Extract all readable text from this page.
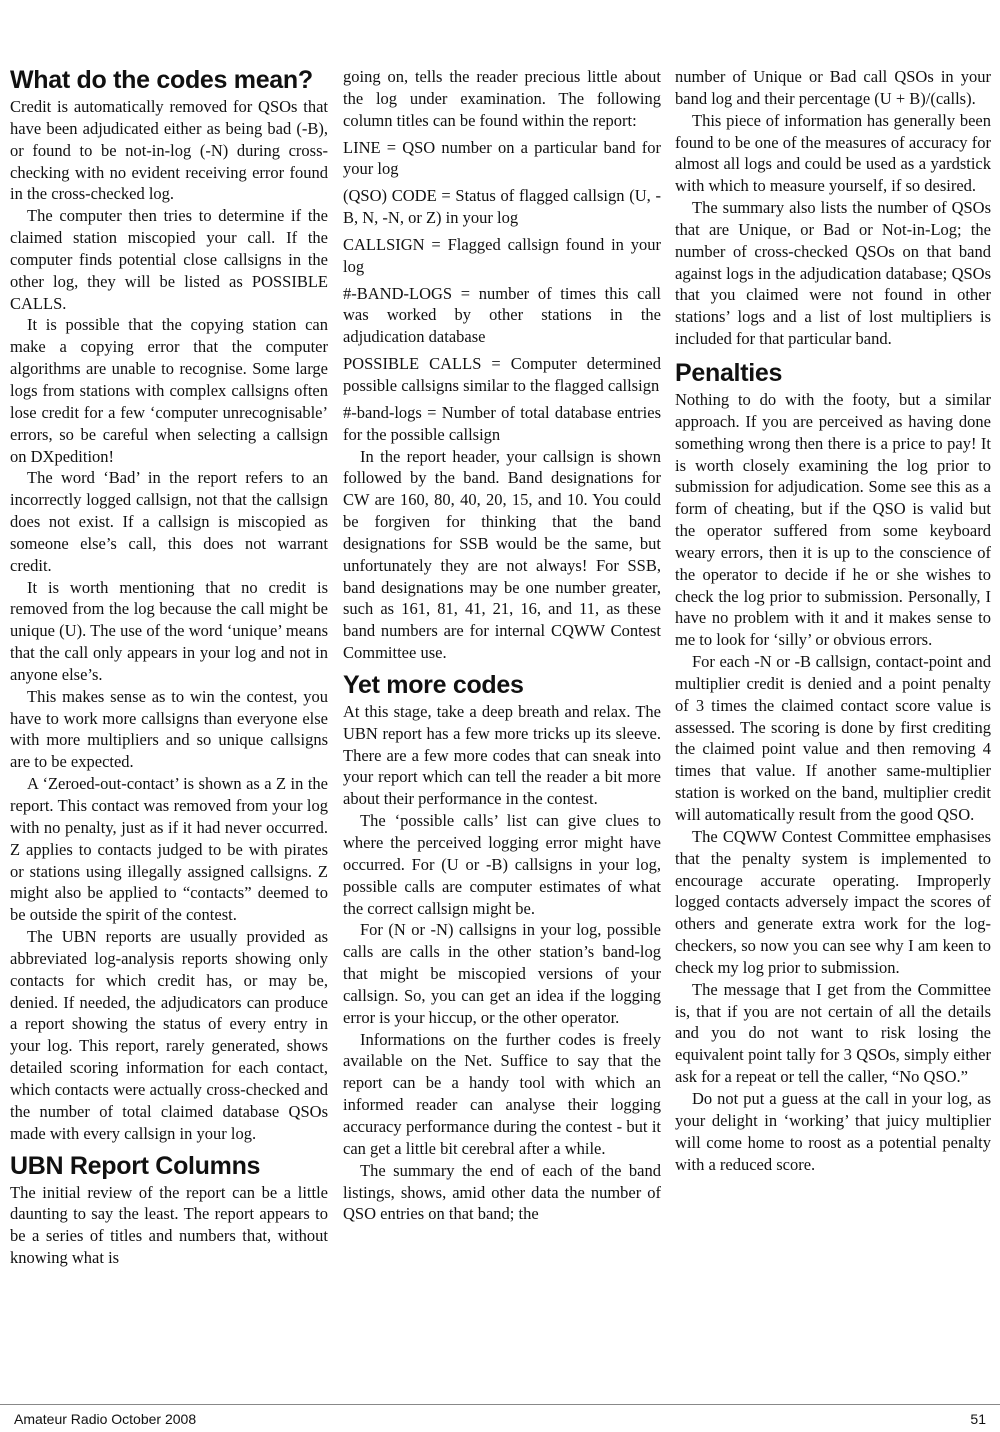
What do the codes mean?

Credit is automatically removed for QSOs that have been adjudicated either as being bad (-B), or found to be not-in-log (-N) during cross-checking with no evident receiving error found in the cross-checked log.

The computer then tries to determine if the claimed station miscopied your call. If the computer finds potential close callsigns in the other log, they will be listed as POSSIBLE CALLS.

It is possible that the copying station can make a copying error that the computer algorithms are unable to recognise. Some large logs from stations with complex callsigns often lose credit for a few ‘computer unrecognisable’ errors, so be careful when selecting a callsign on DXpedition!

The word ‘Bad’ in the report refers to an incorrectly logged callsign, not that the callsign does not exist. If a callsign is miscopied as someone else’s call, this does not warrant credit.

It is worth mentioning that no credit is removed from the log because the call might be unique (U). The use of the word ‘unique’ means that the call only appears in your log and not in anyone else’s.

This makes sense as to win the contest, you have to work more callsigns than everyone else with more multipliers and so unique callsigns are to be expected.

A ‘Zeroed-out-contact’ is shown as a Z in the report. This contact was removed from your log with no penalty, just as if it had never occurred. Z applies to contacts judged to be with pirates or stations using illegally assigned callsigns. Z might also be applied to “contacts” deemed to be outside the spirit of the contest.

The UBN reports are usually provided as abbreviated log-analysis reports showing only contacts for which credit has, or may be, denied. If needed, the adjudicators can produce a report showing the status of every entry in your log. This report, rarely generated, shows detailed scoring information for each contact, which contacts were actually cross-checked and the number of total claimed database QSOs made with every callsign in your log.

UBN Report Columns

The initial review of the report can be a little daunting to say the least. The report appears to be a series of titles and numbers that, without knowing what is

going on, tells the reader precious little about the log under examination. The following column titles can be found within the report:

LINE = QSO number on a particular band for your log

(QSO) CODE = Status of flagged callsign (U, -B, N, -N, or Z) in your log

CALLSIGN = Flagged callsign found in your log

#-BAND-LOGS = number of times this call was worked by other stations in the adjudication database

POSSIBLE CALLS = Computer determined possible callsigns similar to the flagged callsign

#-band-logs = Number of total database entries for the possible callsign

In the report header, your callsign is shown followed by the band. Band designations for CW are 160, 80, 40, 20, 15, and 10. You could be forgiven for thinking that the band designations for SSB would be the same, but unfortunately they are not always! For SSB, band designations may be one number greater, such as 161, 81, 41, 21, 16, and 11, as these band numbers are for internal CQWW Contest Committee use.

Yet more codes

At this stage, take a deep breath and relax. The UBN report has a few more tricks up its sleeve. There are a few more codes that can sneak into your report which can tell the reader a bit more about their performance in the contest.

The ‘possible calls’ list can give clues to where the perceived logging error might have occurred. For (U or -B) callsigns in your log, possible calls are computer estimates of what the correct callsign might be.

For (N or -N) callsigns in your log, possible calls are calls in the other station’s band-log that might be miscopied versions of your callsign. So, you can get an idea if the logging error is your hiccup, or the other operator.

Informations on the further codes is freely available on the Net. Suffice to say that the report can be a handy tool with which an informed reader can analyse their logging accuracy performance during the contest - but it can get a little bit cerebral after a while.

The summary the end of each of the band listings, shows, amid other data the number of QSO entries on that band; the

number of Unique or Bad call QSOs in your band log and their percentage (U + B)/(calls).

This piece of information has generally been found to be one of the measures of accuracy for almost all logs and could be used as a yardstick with which to measure yourself, if so desired.

The summary also lists the number of QSOs that are Unique, or Bad or Not-in-Log; the number of cross-checked QSOs on that band against logs in the adjudication database; QSOs that you claimed were not found in other stations’ logs and a list of lost multipliers is included for that particular band.

Penalties

Nothing to do with the footy, but a similar approach. If you are perceived as having done something wrong then there is a price to pay! It is worth closely examining the log prior to submission for adjudication. Some see this as a form of cheating, but if the QSO is valid but the operator suffered from some keyboard weary errors, then it is up to the conscience of the operator to decide if he or she wishes to check the log prior to submission. Personally, I have no problem with it and it makes sense to me to look for ‘silly’ or obvious errors.

For each -N or -B callsign, contact-point and multiplier credit is denied and a point penalty of 3 times the claimed contact score value is assessed. The scoring is done by first crediting the claimed point value and then removing 4 times that value. If another same-multiplier station is worked on the band, multiplier credit will automatically result from the good QSO.

The CQWW Contest Committee emphasises that the penalty system is implemented to encourage accurate operating. Improperly logged contacts adversely impact the scores of others and generate extra work for the log-checkers, so now you can see why I am keen to check my log prior to submission.

The message that I get from the Committee is, that if you are not certain of all the details and you do not want to risk losing the equivalent point tally for 3 QSOs, simply either ask for a repeat or tell the caller, “No QSO.”

Do not put a guess at the call in your log, as your delight in ‘working’ that juicy multiplier will come home to roost as a potential penalty with a reduced score.

Amateur Radio October 2008	51
